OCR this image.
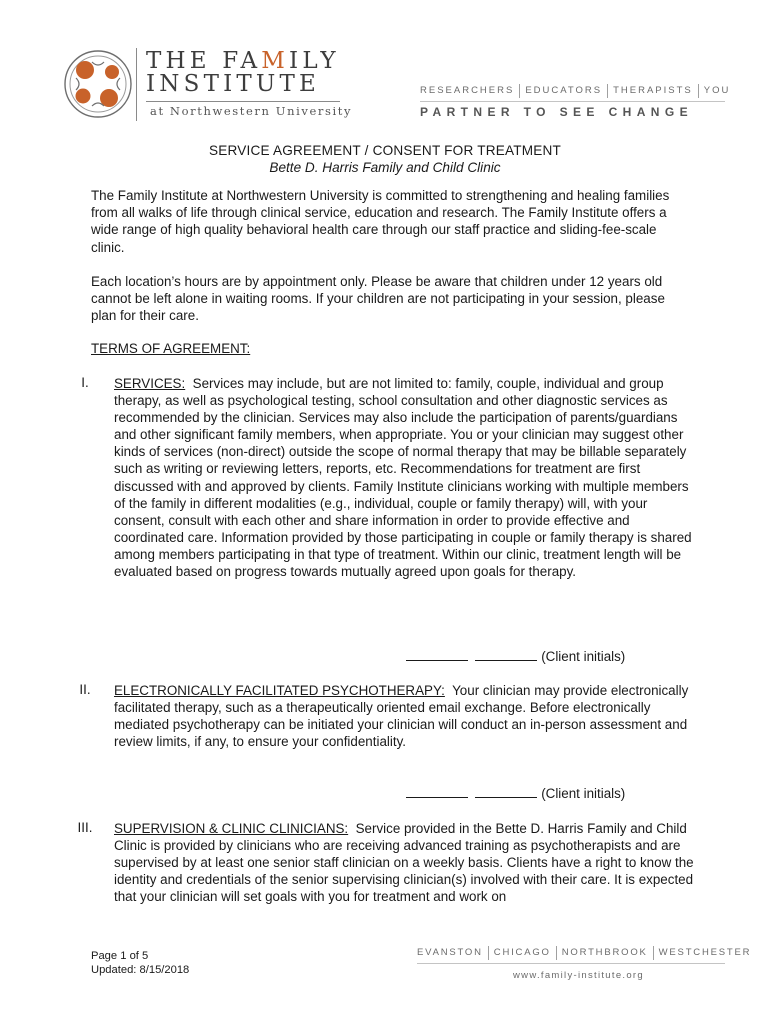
THE FAMILY
INSTITUTE
at Northwestern University
RESEARCHERS	EDUCATORS	THERAPISTS	YOU
PARTNER TO SEE CHANGE
SERVICE AGREEMENT / CONSENT FOR TREATMENT
Bette D. Harris Family and Child Clinic

The Family Institute at Northwestern University is committed to strengthening and healing families from all walks of life through clinical service, education and research. The Family Institute offers a wide range of high quality behavioral health care through our staff practice and sliding-fee-scale clinic.

Each location’s hours are by appointment only. Please be aware that children under 12 years old cannot be left alone in waiting rooms. If your children are not participating in your session, please plan for their care.

TERMS OF AGREEMENT:
I.	SERVICES: Services may include, but are not limited to: family, couple, individual and group therapy, as well as psychological testing, school consultation and other diagnostic services as recommended by the clinician. Services may also include the participation of parents/guardians and other significant family members, when appropriate. You or your clinician may suggest other kinds of services (non-direct) outside the scope of normal therapy that may be billable separately such as writing or reviewing letters, reports, etc. Recommendations for treatment are first discussed with and approved by clients. Family Institute clinicians working with multiple members of the family in different modalities (e.g., individual, couple or family therapy) will, with your consent, consult with each other and share information in order to provide effective and coordinated care. Information provided by those participating in couple or family therapy is shared among members participating in that type of treatment. Within our clinic, treatment length will be evaluated based on progress towards mutually agreed upon goals for therapy.

(Client initials)
II.	ELECTRONICALLY FACILITATED PSYCHOTHERAPY: Your clinician may provide electronically facilitated therapy, such as a therapeutically oriented email exchange. Before electronically mediated psychotherapy can be initiated your clinician will conduct an in-person assessment and review limits, if any, to ensure your confidentiality.

(Client initials)
III.	SUPERVISION & CLINIC CLINICIANS: Service provided in the Bette D. Harris Family and Child Clinic is provided by clinicians who are receiving advanced training as psychotherapists and are supervised by at least one senior staff clinician on a weekly basis. Clients have a right to know the identity and credentials of the senior supervising clinician(s) involved with their care. It is expected that your clinician will set goals with you for treatment and work on

Page 1 of 5
Updated: 8/15/2018
EVANSTON	CHICAGO	NORTHBROOK	WESTCHESTER
www.family-institute.org
